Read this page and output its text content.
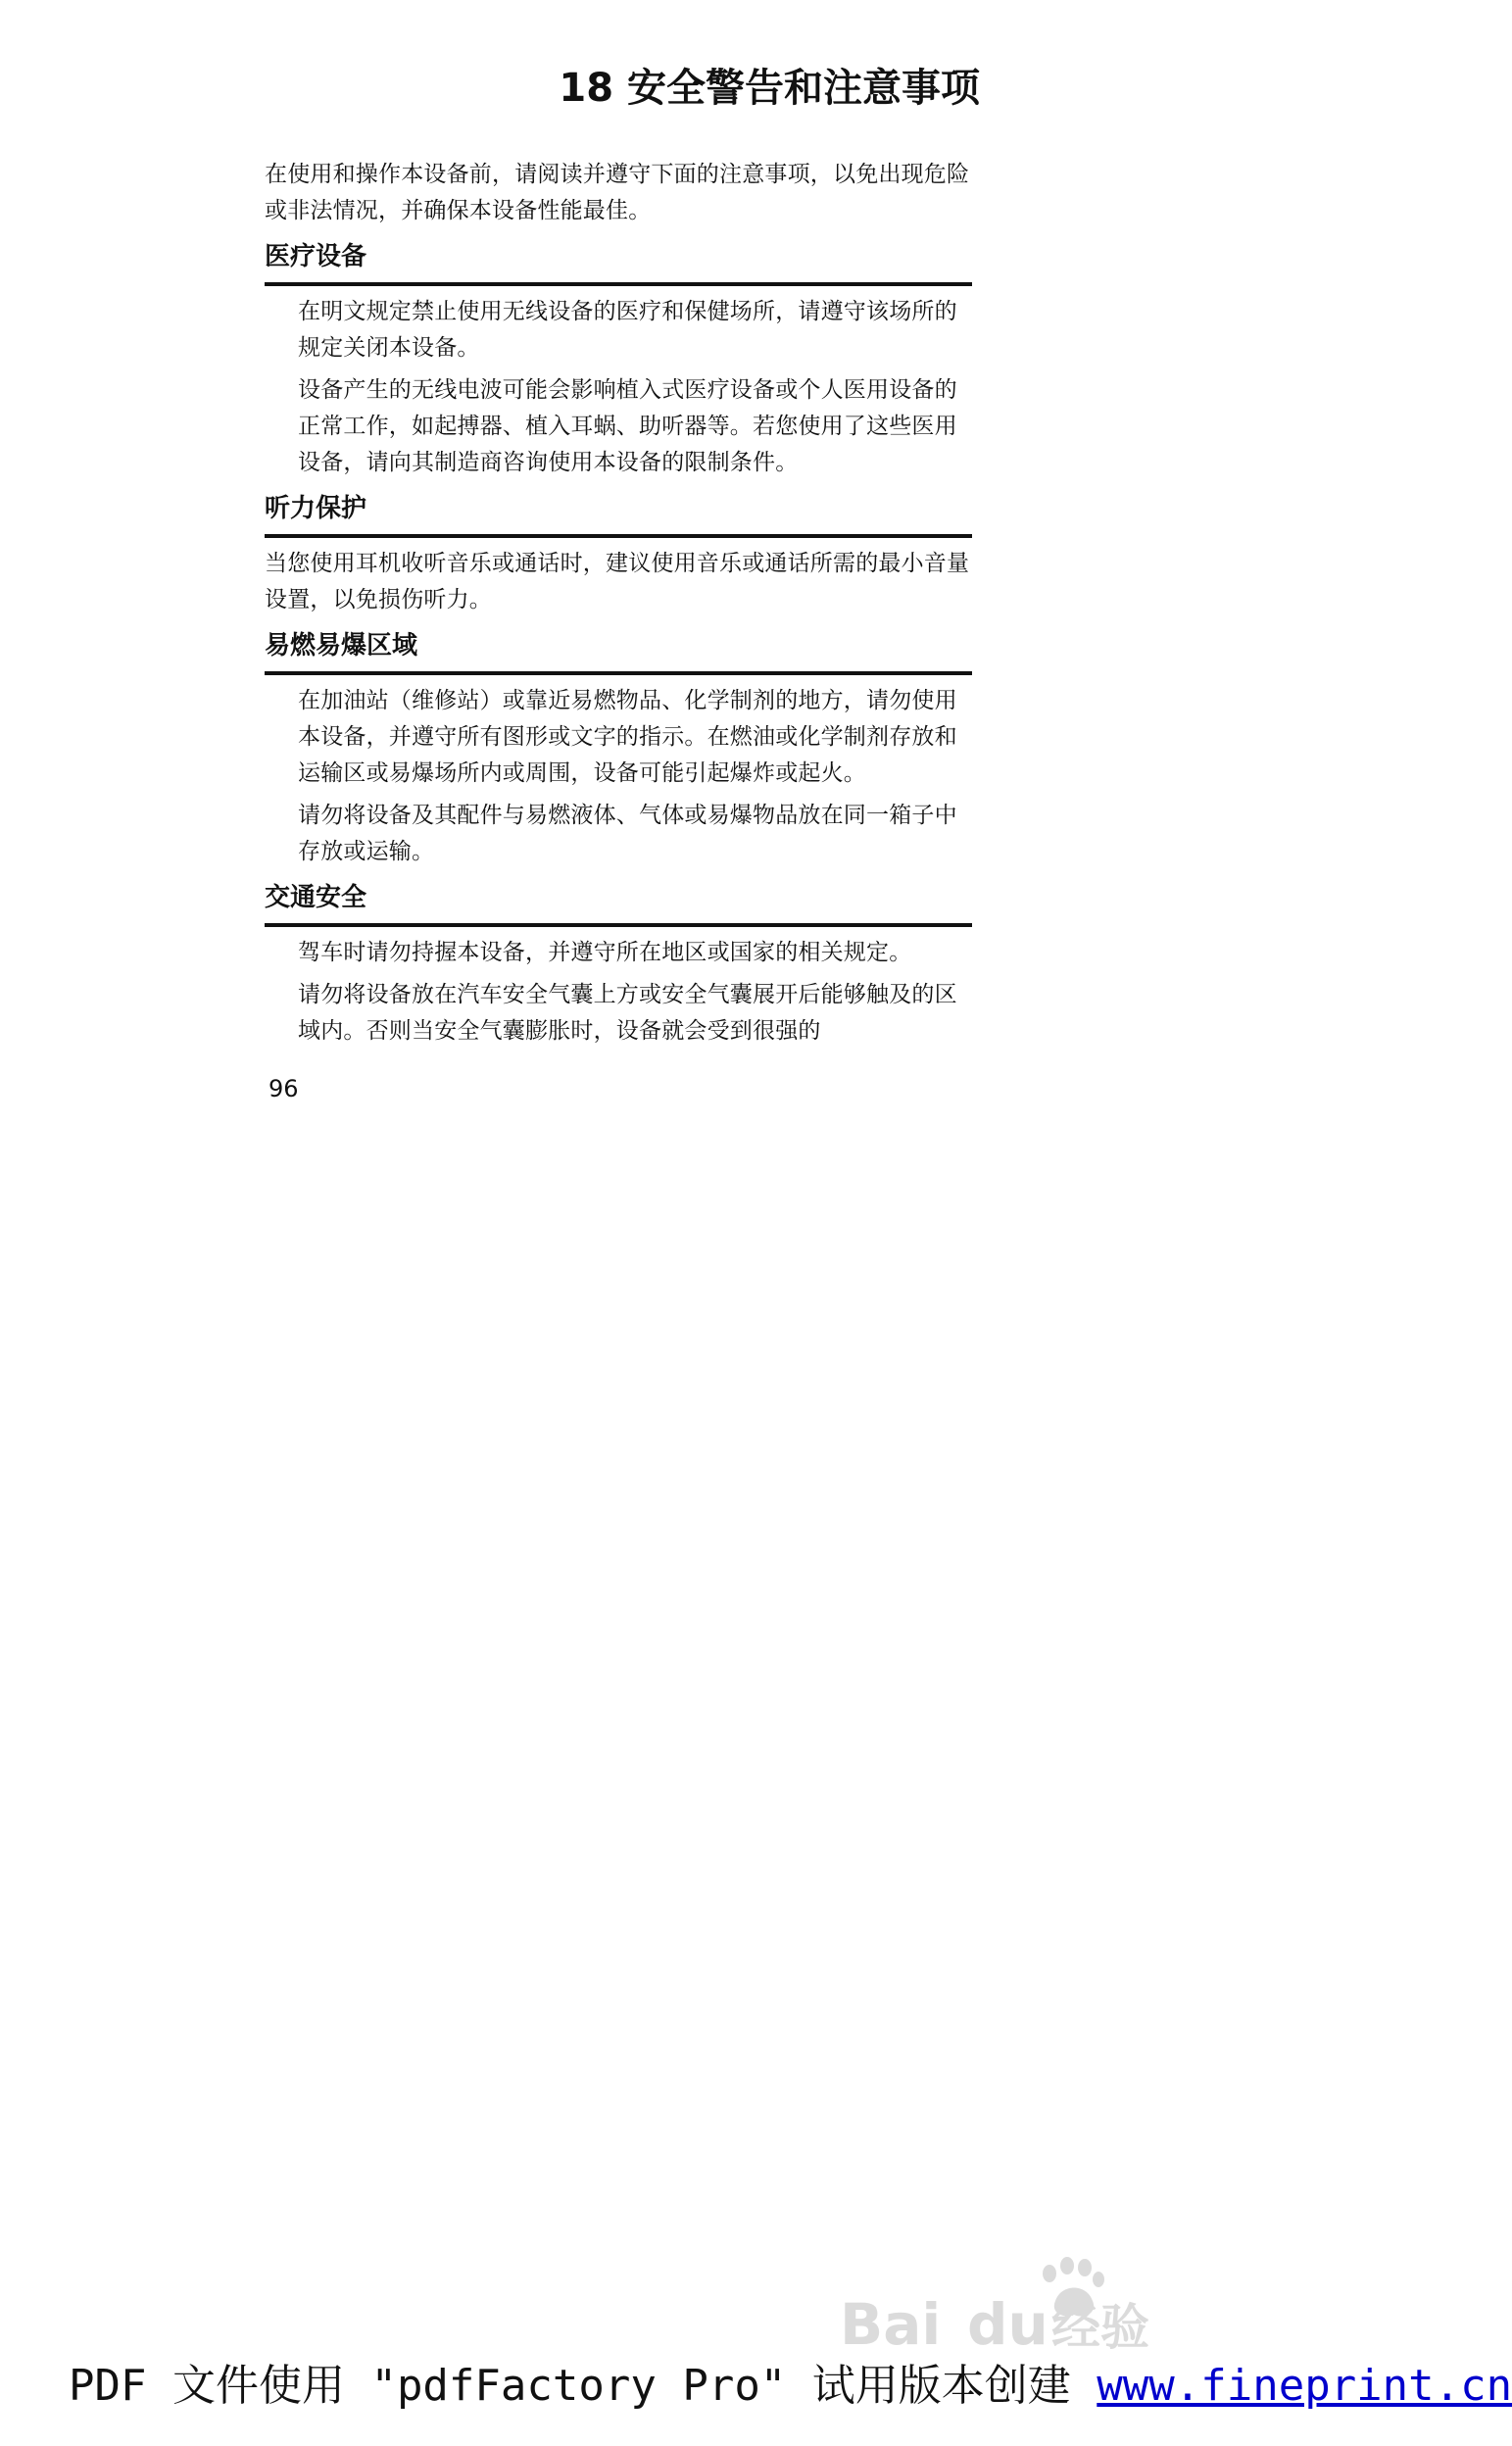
18 安全警告和注意事项

在使用和操作本设备前，请阅读并遵守下面的注意事项，以免出现危险或非法情况，并确保本设备性能最佳。

医疗设备

在明文规定禁止使用无线设备的医疗和保健场所，请遵守该场所的规定关闭本设备。

设备产生的无线电波可能会影响植入式医疗设备或个人医用设备的正常工作，如起搏器、植入耳蜗、助听器等。若您使用了这些医用设备，请向其制造商咨询使用本设备的限制条件。

听力保护

当您使用耳机收听音乐或通话时，建议使用音乐或通话所需的最小音量设置，以免损伤听力。

易燃易爆区域

在加油站（维修站）或靠近易燃物品、化学制剂的地方，请勿使用本设备，并遵守所有图形或文字的指示。在燃油或化学制剂存放和运输区或易爆场所内或周围，设备可能引起爆炸或起火。

请勿将设备及其配件与易燃液体、气体或易爆物品放在同一箱子中存放或运输。

交通安全

驾车时请勿持握本设备，并遵守所在地区或国家的相关规定。

请勿将设备放在汽车安全气囊上方或安全气囊展开后能够触及的区域内。否则当安全气囊膨胀时，设备就会受到很强的

96
Bai du 经验
PDF 文件使用 "pdfFactory Pro" 试用版本创建 www.fineprint.cn
